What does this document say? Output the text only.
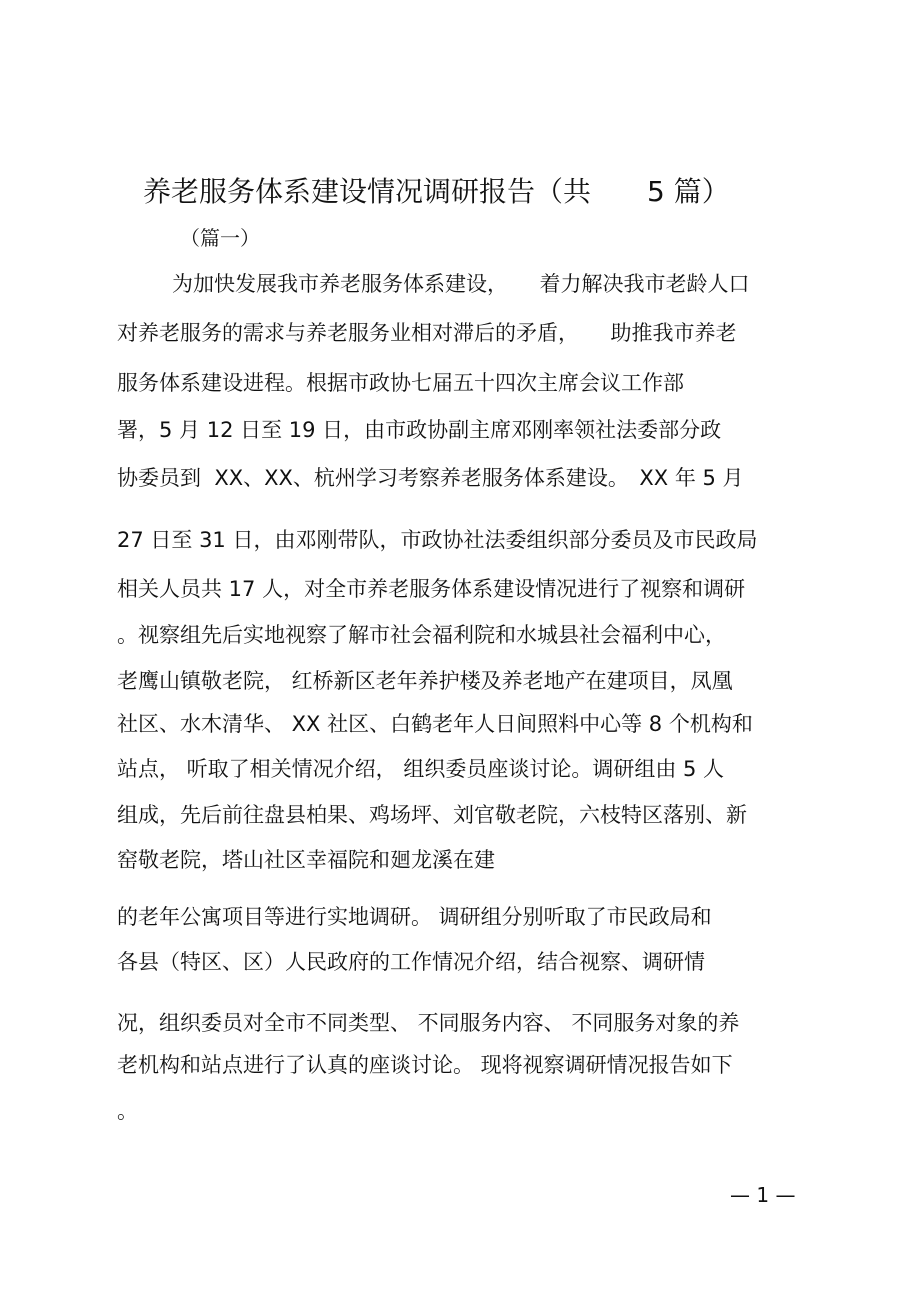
养老服务体系建设情况调研报告（共　　5 篇）
（篇一）
为加快发展我市养老服务体系建设，　　着力解决我市老龄人口
对养老服务的需求与养老服务业相对滞后的矛盾，　　助推我市养老
服务体系建设进程。根据市政协七届五十四次主席会议工作部
署，5 月 12 日至 19 日，由市政协副主席邓刚率领社法委部分政
协委员到  XX、XX、杭州学习考察养老服务体系建设。　XX 年 5 月
27 日至 31 日，由邓刚带队，市政协社法委组织部分委员及市民政局
相关人员共 17 人，对全市养老服务体系建设情况进行了视察和调研
。视察组先后实地视察了解市社会福利院和水城县社会福利中心，
老鹰山镇敬老院， 红桥新区老年养护楼及养老地产在建项目，凤凰
社区、水木清华、 XX 社区、白鹤老年人日间照料中心等 8 个机构和
站点， 听取了相关情况介绍， 组织委员座谈讨论。调研组由 5 人
组成，先后前往盘县柏果、鸡场坪、刘官敬老院，六枝特区落别、新
窑敬老院，塔山社区幸福院和廻龙溪在建
的老年公寓项目等进行实地调研。 调研组分别听取了市民政局和
各县（特区、区）人民政府的工作情况介绍，结合视察、调研情
况，组织委员对全市不同类型、 不同服务内容、 不同服务对象的养
老机构和站点进行了认真的座谈讨论。 现将视察调研情况报告如下
。
— 1 —
